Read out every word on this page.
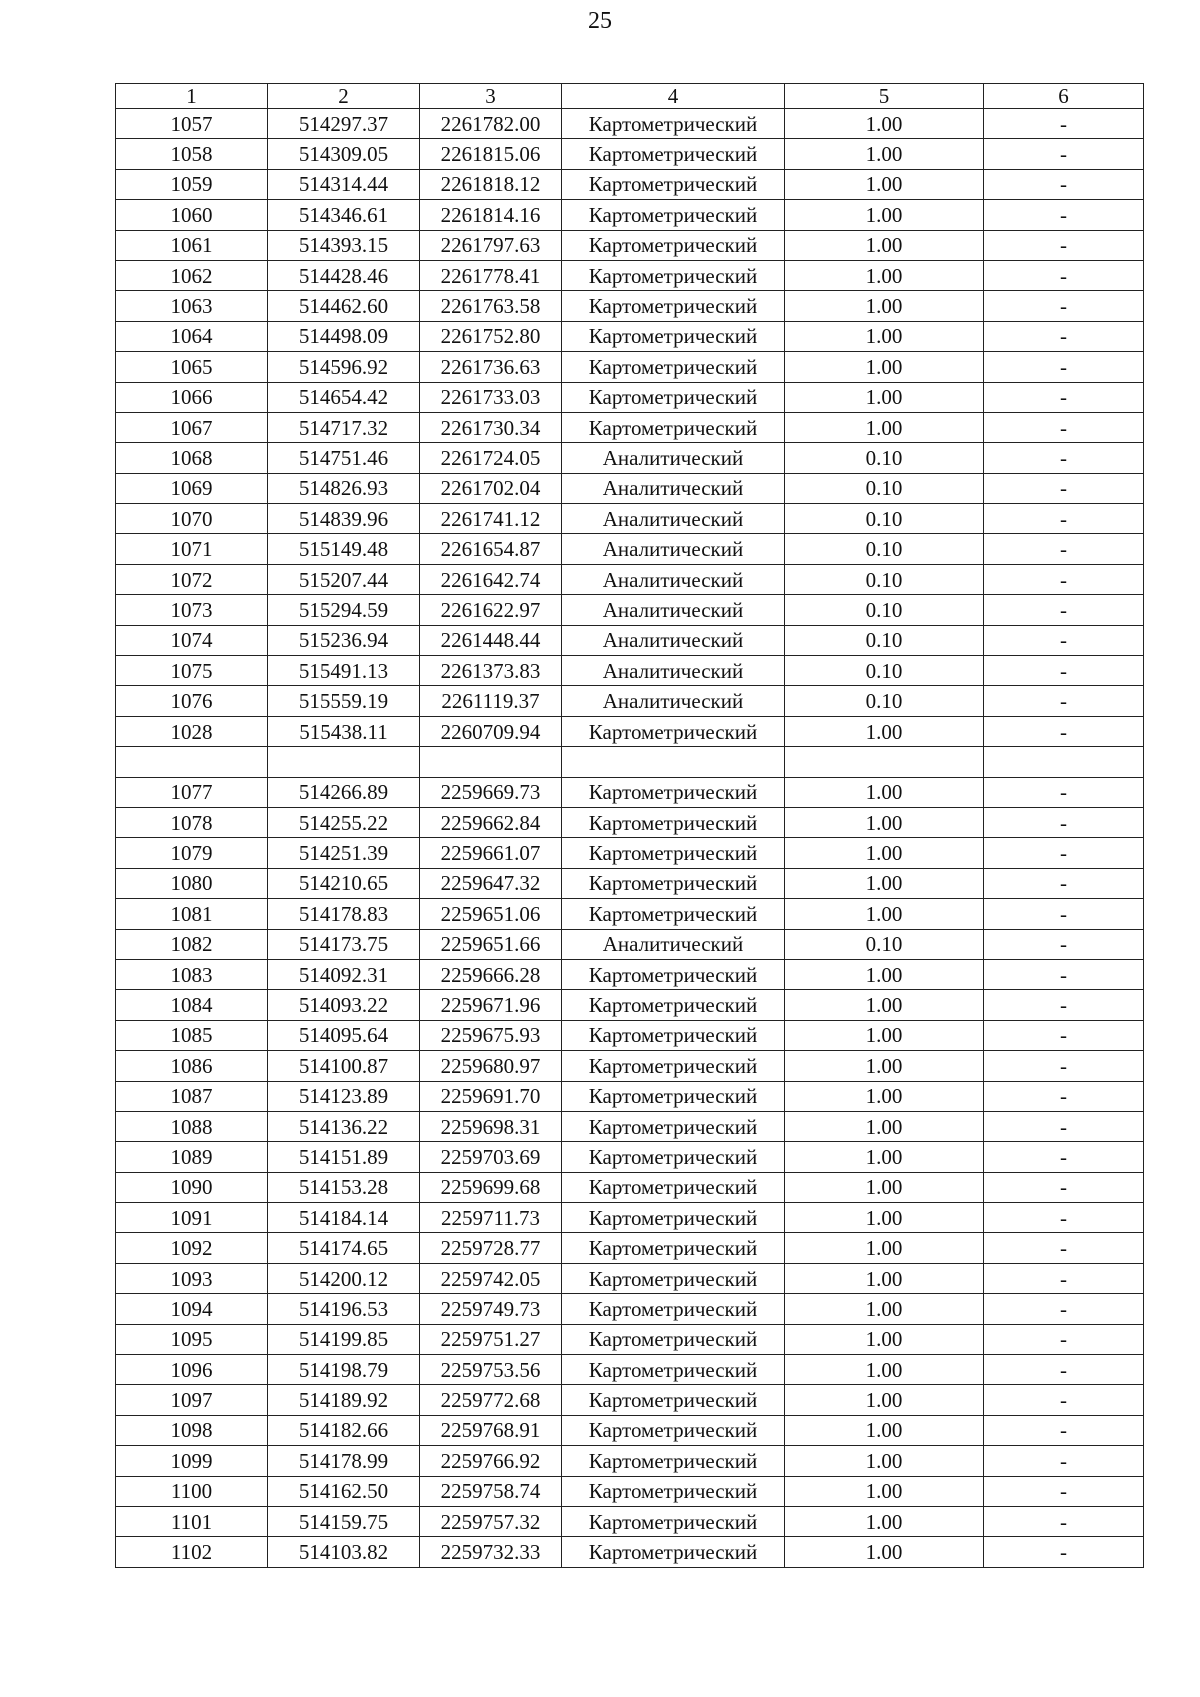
25
1	2	3	4	5	6
1057	514297.37	2261782.00	Картометрический	1.00	-
1058	514309.05	2261815.06	Картометрический	1.00	-
1059	514314.44	2261818.12	Картометрический	1.00	-
1060	514346.61	2261814.16	Картометрический	1.00	-
1061	514393.15	2261797.63	Картометрический	1.00	-
1062	514428.46	2261778.41	Картометрический	1.00	-
1063	514462.60	2261763.58	Картометрический	1.00	-
1064	514498.09	2261752.80	Картометрический	1.00	-
1065	514596.92	2261736.63	Картометрический	1.00	-
1066	514654.42	2261733.03	Картометрический	1.00	-
1067	514717.32	2261730.34	Картометрический	1.00	-
1068	514751.46	2261724.05	Аналитический	0.10	-
1069	514826.93	2261702.04	Аналитический	0.10	-
1070	514839.96	2261741.12	Аналитический	0.10	-
1071	515149.48	2261654.87	Аналитический	0.10	-
1072	515207.44	2261642.74	Аналитический	0.10	-
1073	515294.59	2261622.97	Аналитический	0.10	-
1074	515236.94	2261448.44	Аналитический	0.10	-
1075	515491.13	2261373.83	Аналитический	0.10	-
1076	515559.19	2261119.37	Аналитический	0.10	-
1028	515438.11	2260709.94	Картометрический	1.00	-

1077	514266.89	2259669.73	Картометрический	1.00	-
1078	514255.22	2259662.84	Картометрический	1.00	-
1079	514251.39	2259661.07	Картометрический	1.00	-
1080	514210.65	2259647.32	Картометрический	1.00	-
1081	514178.83	2259651.06	Картометрический	1.00	-
1082	514173.75	2259651.66	Аналитический	0.10	-
1083	514092.31	2259666.28	Картометрический	1.00	-
1084	514093.22	2259671.96	Картометрический	1.00	-
1085	514095.64	2259675.93	Картометрический	1.00	-
1086	514100.87	2259680.97	Картометрический	1.00	-
1087	514123.89	2259691.70	Картометрический	1.00	-
1088	514136.22	2259698.31	Картометрический	1.00	-
1089	514151.89	2259703.69	Картометрический	1.00	-
1090	514153.28	2259699.68	Картометрический	1.00	-
1091	514184.14	2259711.73	Картометрический	1.00	-
1092	514174.65	2259728.77	Картометрический	1.00	-
1093	514200.12	2259742.05	Картометрический	1.00	-
1094	514196.53	2259749.73	Картометрический	1.00	-
1095	514199.85	2259751.27	Картометрический	1.00	-
1096	514198.79	2259753.56	Картометрический	1.00	-
1097	514189.92	2259772.68	Картометрический	1.00	-
1098	514182.66	2259768.91	Картометрический	1.00	-
1099	514178.99	2259766.92	Картометрический	1.00	-
1100	514162.50	2259758.74	Картометрический	1.00	-
1101	514159.75	2259757.32	Картометрический	1.00	-
1102	514103.82	2259732.33	Картометрический	1.00	-
